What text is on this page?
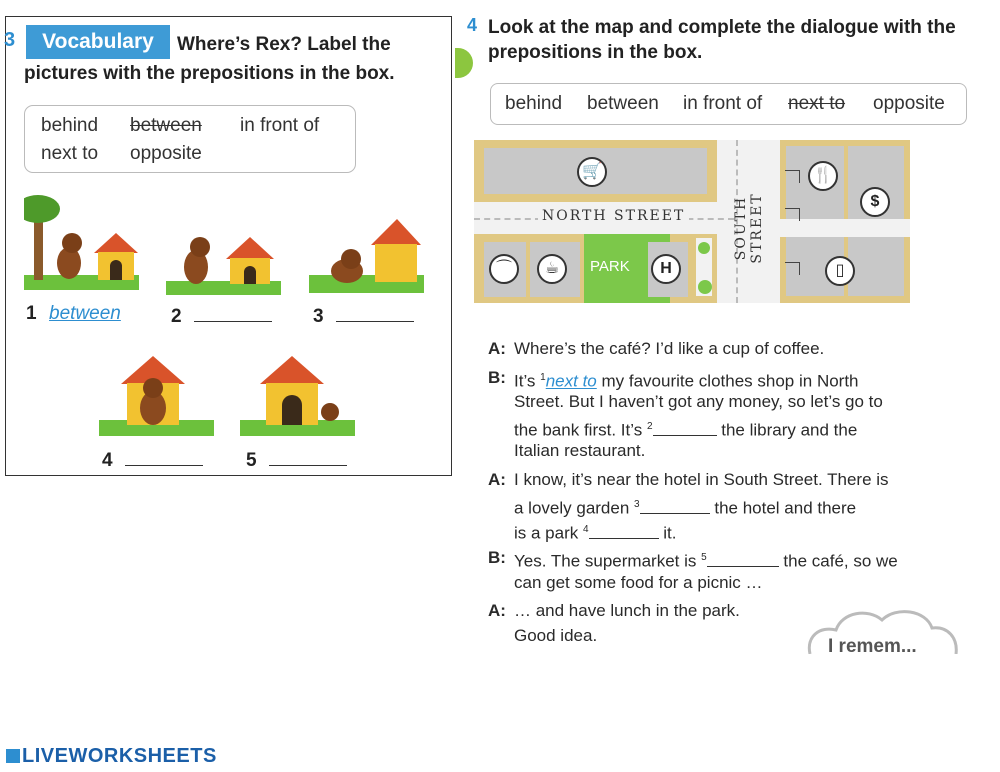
3	Where’s Rex? Label the pictures with the prepositions in the box.
Vocabulary
behind between in front of
next to opposite
1 between	2	3
4	5
4 Look at the map and complete the dialogue with the prepositions in the box.
behind between in front of next to opposite
NORTH STREET	SOUTH STREET
PARK
🛒	🍴
$
⌒	☕	H	▯
A: Where’s the café? I’d like a cup of coffee.
B: It’s $^1$next to my favourite clothes shop in North
Street. But I haven’t got any money, so let’s go to
the bank first. It’s $^2$	the library and the
Italian restaurant.
A: I know, it’s near the hotel in South Street. There is
a lovely garden $^3$	the hotel and there
is a park $^4$	it.
B: Yes. The supermarket is $^5$	the café, so we
can get some food for a picnic …
A: … and have lunch in the park.
Good idea.
I remem...
LIVEWORKSHEETS
